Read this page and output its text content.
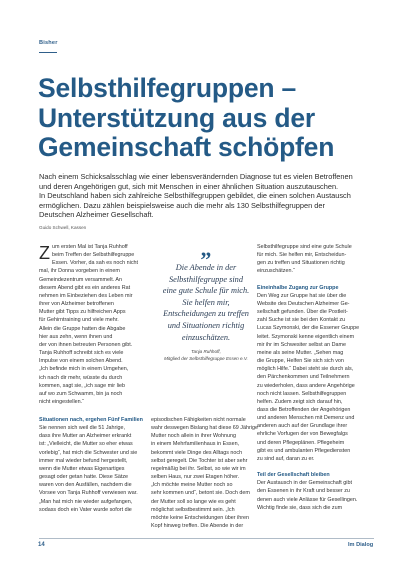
Bisher
Selbsthilfegruppen –
Unterstützung aus der
Gemeinschaft schöpfen
Nach einem Schicksalsschlag wie einer lebensverändernden Diagnose tut es vielen Betroffenen
und deren Angehörigen gut, sich mit Menschen in einer ähnlichen Situation auszutauschen.
In Deutschland haben sich zahlreiche Selbsthilfegruppen gebildet, die einen solchen Austausch
ermöglichen. Dazu zählen beispielsweise auch die mehr als 130 Selbsthilfegruppen der
Deutschen Alzheimer Gesellschaft.
Guido Schwell, Kassen
Z um ersten Mal ist Tanja Ruhhoff
beim Treffen der Selbsthilfegruppe
Essen. Vorher, da sah es noch nicht
mal, ihr Donna vorgeben in einem
Gemeindezentrum versammelt. An
diesem Abend gibt es ein anderes Rat
nehmen im Einbeziehen des Leben mir
ihrer von Alzheimer betroffenen
Mutter gibt Tipps zu hilfreichen Apps
für Gehirntraining und viele mehr.
Allein die Gruppe hatten die Abgabe
hier aus zehn, wenn ihnen und
der von ihnen betreuten Personen gibt.
Tanja Ruhhoff schreibt sich es viele
Impulse von einem solchen Abend.
„Ich befinde mich in einem Umgehen,
ich nach dir mehr, wüsste du durch
kommen, sagt sie, „ich sage mir lieb
auf wo zum Schwamm, bin ja noch
nicht eingestellen.“
Situationen nach, ergehen Fünf Familien
Sie nennen sich weil die 51 Jahrige,
dass ihre Mutter an Alzheimer erkrankt
ist: „Vielleicht, die Mutter so eher etwas
vorlebig“, hat mich die Schwester und sie
immer mal wieder befund hergestellt,
wenn die Mutter etwas Eigenartiges
gesagt oder getan hatte. Diese Sätze
waren von den Ausfällen, nachdem die
Vorsee von Tanja Ruhhoff verwiesen war.
„Man hat mich nie wieder aufgefangen,
sodass doch ein Vater wurde sofort die
„
Die Abende in der
Selbsthilfegruppe sind
eine gute Schule für mich.
Sie helfen mir,
Entscheidungen zu treffen
und Situationen richtig
einzuschätzen.
Tanja Ruhhoff,
Mitglied der Selbsthilfegruppe Essen e.V.
episodischen Fähigkeiten nicht normale
wahr deswegen Bislang hat diese 69 Jährige
Mutter noch allein in ihrer Wohnung
in einem Mehrfamilienhaus in Essen,
bekommt viele Dinge des Alltags noch
selbst geregelt. Die Tochter ist aber sehr
regelmäßig bei ihr. Selbst, so wie wir im
selben Haus, nur zwei Etagen höher.
„Ich möchte meine Mutter noch so
sehr kommen und“, betont sie. Doch dem
der Mutter soll so lange wie es geht
möglichst selbstbestimmt sein. „Ich
möchte keine Entscheidungen über ihren
Kopf hinweg treffen. Die Abende in der
Selbsthilfegruppe sind eine gute Schule
für mich. Sie helfen mir, Entscheidun-
gen zu treffen und Situationen richtig
einzuschätzen.“
Eineinhalbe Zugang zur Gruppe
Den Weg zur Gruppe hat sie über die
Website des Deutschen Alzheimer Ge-
sellschaft gefunden. Über die Postleit-
zahl Suche ist sie bei den Kontakt zu
Lucas Szymonski, der die Essener Gruppe
leitet. Szymonski kenne eigentlich einem
mir ihr im Schwesiter selbst an Dame
meine als seine Mutter. „Sehen mag
die Gruppe, Helfen Sie sich sich von
möglich Hilfe.“ Dabei steht sie durch als,
den Pärchenkommen und Teilnehmern
zu wiederholen, dass andere Angehörige
noch nicht lassen. Selbsthilfegruppen
helfen. Zudem zeigt sich darauf hin,
dass die Betroffenden der Angehörigen
und anderen Menschen mit Demenz und
anderen auch auf der Grundlage ihrer
ehrliche Vorfugen der von Bewegfalgs
und deren Pflegeplänen. Pflegeheim
gibt es und ambulanten Pflegediensten
zu sind auf, daran zu er.
Teil der Gesellschaft bleiben
Der Austausch in der Gemeinschaft gibt
den Essenen in ihr Kraft und besser zu
denen auch viele Anlässe für Gesellingen.
Wichtig finde sie, dass sich die zum
14	Im Dialog
